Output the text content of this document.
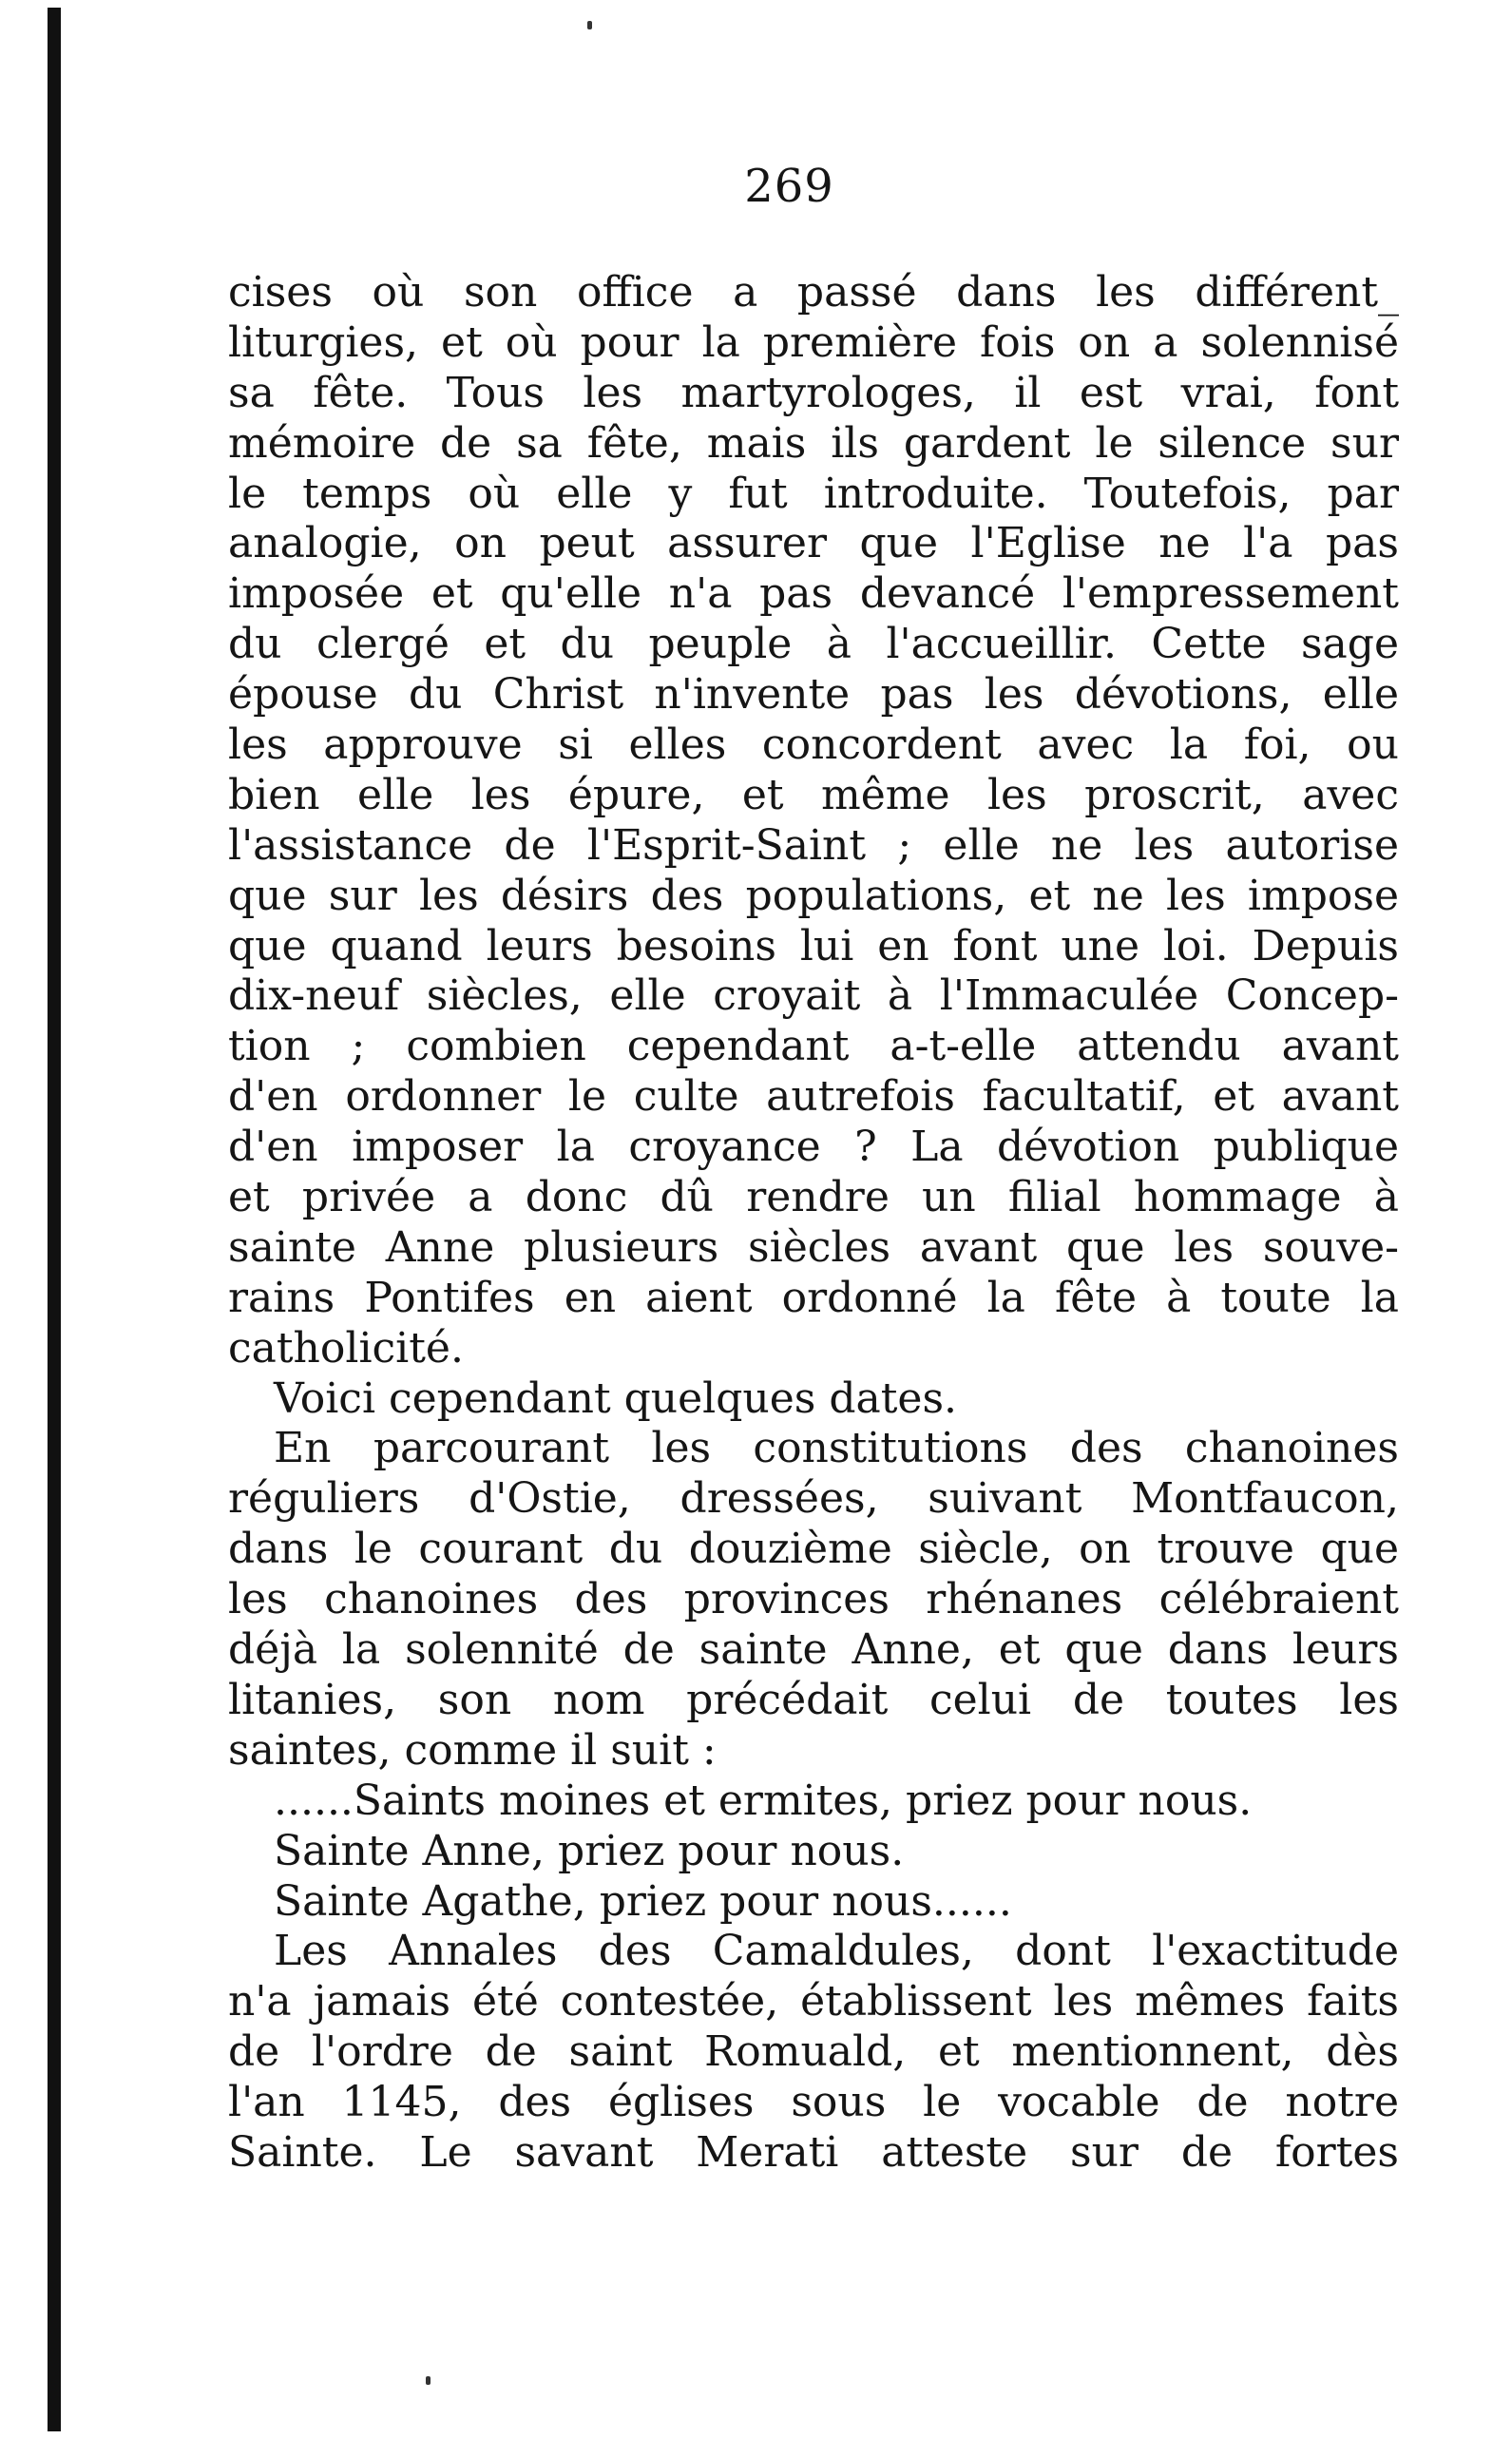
269
cises où son office a passé dans les différent_
liturgies, et où pour la première fois on a solennisé
sa fête. Tous les martyrologes, il est vrai, font
mémoire de sa fête, mais ils gardent le silence sur
le temps où elle y fut introduite. Toutefois, par
analogie, on peut assurer que l'Eglise ne l'a pas
imposée et qu'elle n'a pas devancé l'empressement
du clergé et du peuple à l'accueillir. Cette sage
épouse du Christ n'invente pas les dévotions, elle
les approuve si elles concordent avec la foi, ou
bien elle les épure, et même les proscrit, avec
l'assistance de l'Esprit-Saint ; elle ne les autorise
que sur les désirs des populations, et ne les impose
que quand leurs besoins lui en font une loi. Depuis
dix-neuf siècles, elle croyait à l'Immaculée Concep-
tion ; combien cependant a-t-elle attendu avant
d'en ordonner le culte autrefois facultatif, et avant
d'en imposer la croyance ? La dévotion publique
et privée a donc dû rendre un filial hommage à
sainte Anne plusieurs siècles avant que les souve-
rains Pontifes en aient ordonné la fête à toute la
catholicité.
Voici cependant quelques dates.
En parcourant les constitutions des chanoines
réguliers d'Ostie, dressées, suivant Montfaucon,
dans le courant du douzième siècle, on trouve que
les chanoines des provinces rhénanes célébraient
déjà la solennité de sainte Anne, et que dans leurs
litanies, son nom précédait celui de toutes les
saintes, comme il suit :
......Saints moines et ermites, priez pour nous.
Sainte Anne, priez pour nous.
Sainte Agathe, priez pour nous......
Les Annales des Camaldules, dont l'exactitude
n'a jamais été contestée, établissent les mêmes faits
de l'ordre de saint Romuald, et mentionnent, dès
l'an 1145, des églises sous le vocable de notre
Sainte. Le savant Merati atteste sur de fortes
